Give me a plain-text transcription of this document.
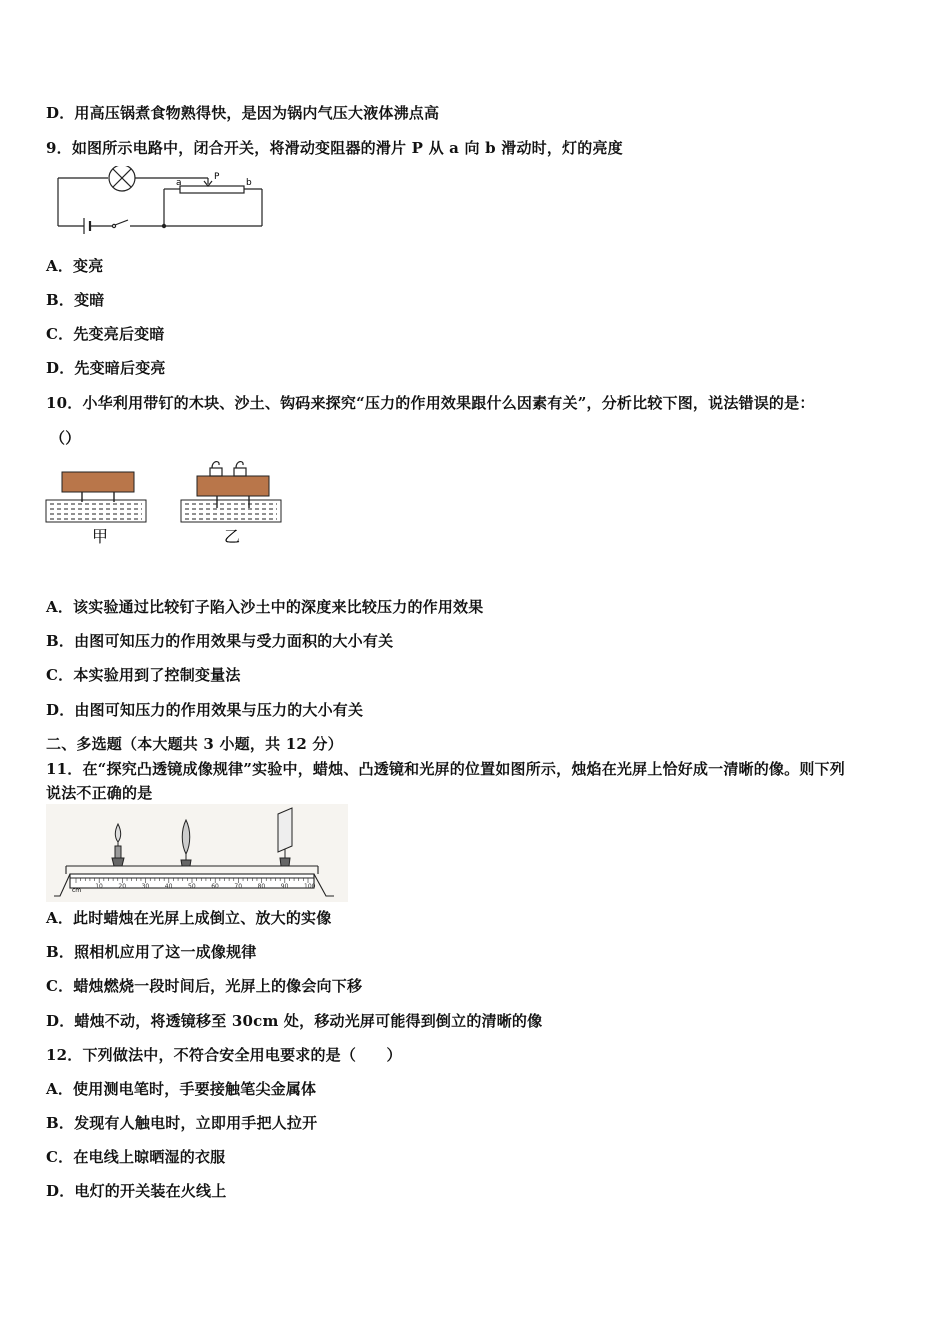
D．用高压锅煮食物熟得快，是因为锅内气压大液体沸点高
9．如图所示电路中，闭合开关，将滑动变阻器的滑片 P 从 a 向 b 滑动时，灯的亮度
a
P
b
A．变亮
B．变暗
C．先变亮后变暗
D．先变暗后变亮
10．小华利用带钉的木块、沙土、钩码来探究“压力的作用效果跟什么因素有关”，分析比较下图，说法错误的是：
（）
甲	乙
A．该实验通过比较钉子陷入沙土中的深度来比较压力的作用效果
B．由图可知压力的作用效果与受力面积的大小有关
C．本实验用到了控制变量法
D．由图可知压力的作用效果与压力的大小有关
二、多选题（本大题共 3 小题，共 12 分）
11．在“探究凸透镜成像规律”实验中，蜡烛、凸透镜和光屏的位置如图所示，烛焰在光屏上恰好成一清晰的像。则下列
说法不正确的是
cm
10	20	30	40	50	60	70	80	90	100
A．此时蜡烛在光屏上成倒立、放大的实像
B．照相机应用了这一成像规律
C．蜡烛燃烧一段时间后，光屏上的像会向下移
D．蜡烛不动，将透镜移至 30cm 处，移动光屏可能得到倒立的清晰的像
12．下列做法中，不符合安全用电要求的是（　　）
A．使用测电笔时，手要接触笔尖金属体
B．发现有人触电时，立即用手把人拉开
C．在电线上晾晒湿的衣服
D．电灯的开关装在火线上
